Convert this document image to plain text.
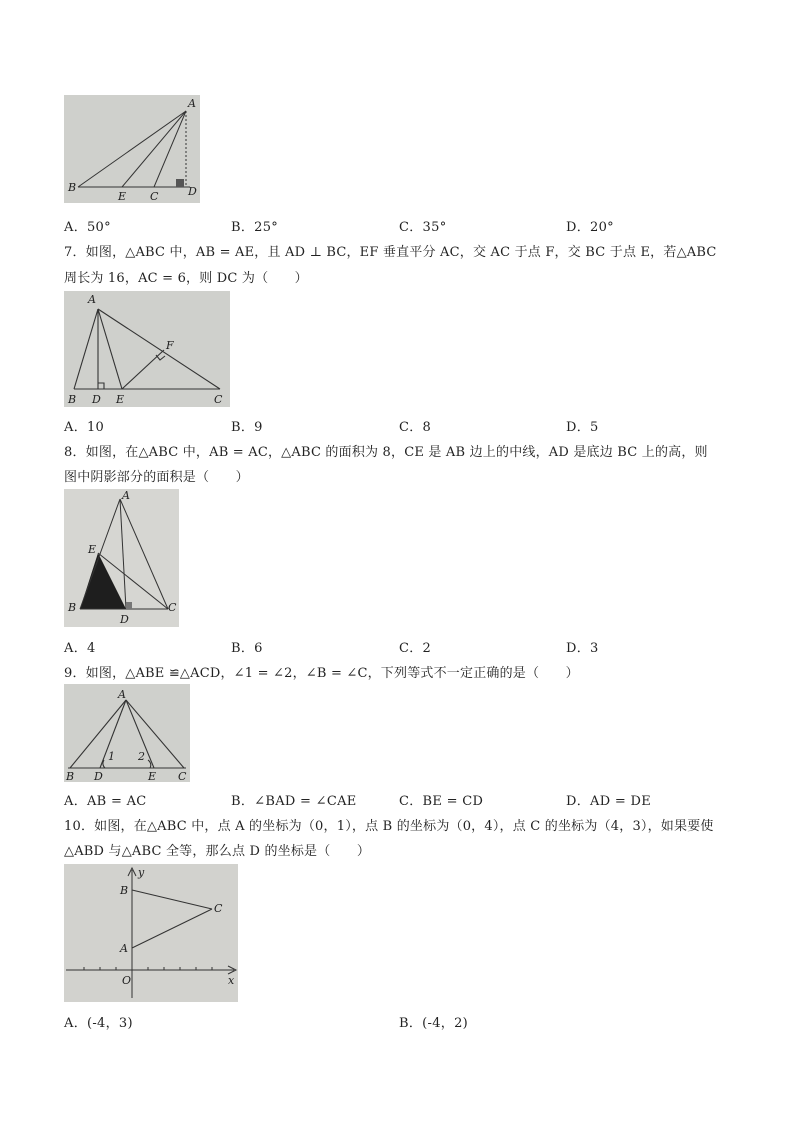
A
B
E C	D
A．50°	B．25°	C．35°	D．20°
7．如图，△ABC 中，AB = AE，且 AD ⊥ BC，EF 垂直平分 AC，交 AC 于点 F，交 BC 于点 E，若△ABC
周长为 16，AC = 6，则 DC 为（　　）
A
F
B D E	C
A．10	B．9	C．8	D．5
8．如图，在△ABC 中，AB = AC，△ABC 的面积为 8，CE 是 AB 边上的中线，AD 是底边 BC 上的高，则
图中阴影部分的面积是（　　）
A
E
B
D
C
A．4	B．6	C．2	D．3
9．如图，△ABE ≌△ACD，∠1 = ∠2，∠B = ∠C，下列等式不一定正确的是（　　）
A
1 2
B D	E C
A．AB = AC	B．∠BAD = ∠CAE	C．BE = CD	D．AD = DE
10．如图，在△ABC 中，点 A 的坐标为（0，1），点 B 的坐标为（0，4），点 C 的坐标为（4，3），如果要使
△ABD 与△ABC 全等，那么点 D 的坐标是（　　）
y
B
C
A
O	x
A．(-4，3)	B．(-4，2)
